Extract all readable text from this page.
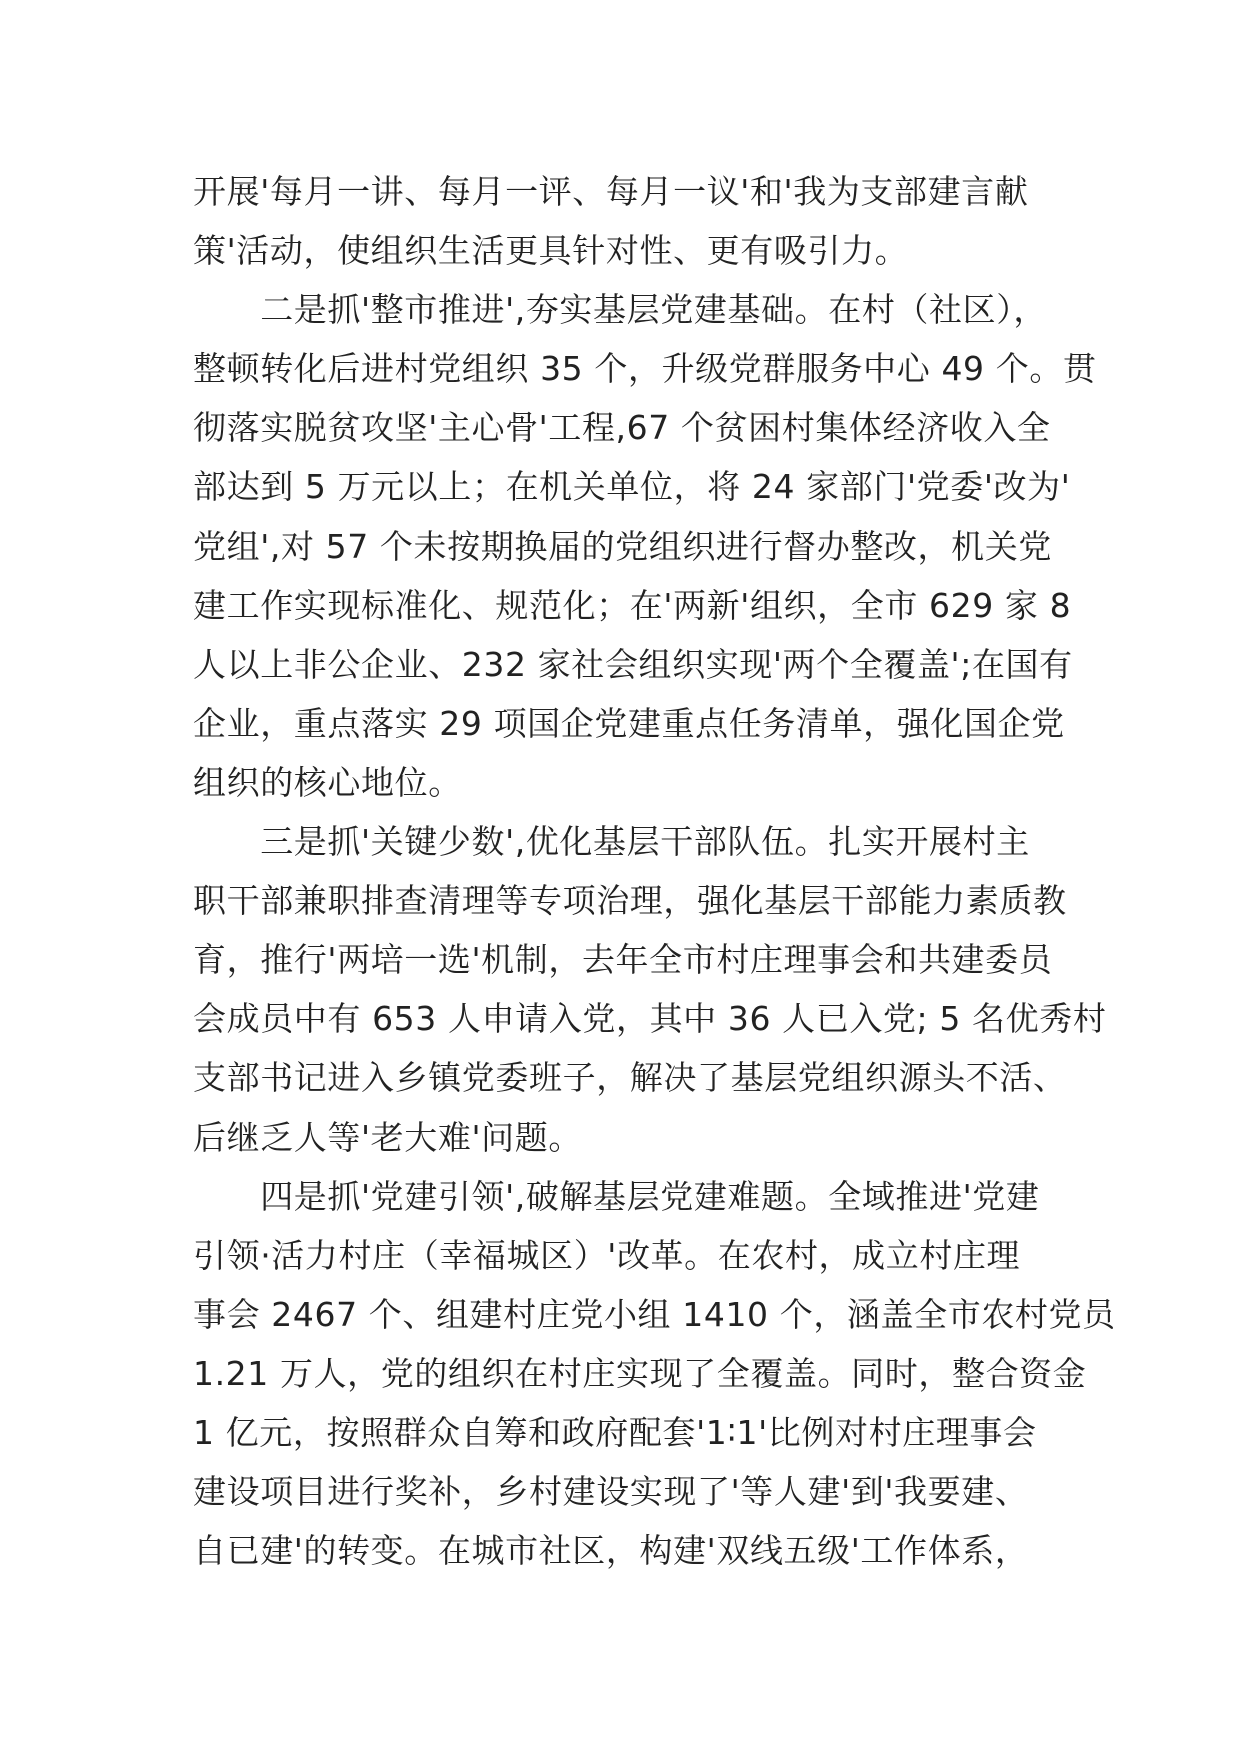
开展'每月一讲、每月一评、每月一议'和'我为支部建言献
策'活动，使组织生活更具针对性、更有吸引力。
　　二是抓'整市推进',夯实基层党建基础。在村（社区），
整顿转化后进村党组织 35 个，升级党群服务中心 49 个。贯
彻落实脱贫攻坚'主心骨'工程,67 个贫困村集体经济收入全
部达到 5 万元以上；在机关单位，将 24 家部门'党委'改为'
党组',对 57 个未按期换届的党组织进行督办整改，机关党
建工作实现标准化、规范化；在'两新'组织，全市 629 家 8
人以上非公企业、232 家社会组织实现'两个全覆盖';在国有
企业，重点落实 29 项国企党建重点任务清单，强化国企党
组织的核心地位。
　　三是抓'关键少数',优化基层干部队伍。扎实开展村主
职干部兼职排查清理等专项治理，强化基层干部能力素质教
育，推行'两培一选'机制，去年全市村庄理事会和共建委员
会成员中有 653 人申请入党，其中 36 人已入党; 5 名优秀村
支部书记进入乡镇党委班子，解决了基层党组织源头不活、
后继乏人等'老大难'问题。
　　四是抓'党建引领',破解基层党建难题。全域推进'党建
引领·活力村庄（幸福城区）'改革。在农村，成立村庄理
事会 2467 个、组建村庄党小组 1410 个，涵盖全市农村党员
1.21 万人，党的组织在村庄实现了全覆盖。同时，整合资金
1 亿元，按照群众自筹和政府配套'1∶1'比例对村庄理事会
建设项目进行奖补，乡村建设实现了'等人建'到'我要建、
自已建'的转变。在城市社区，构建'双线五级'工作体系，
